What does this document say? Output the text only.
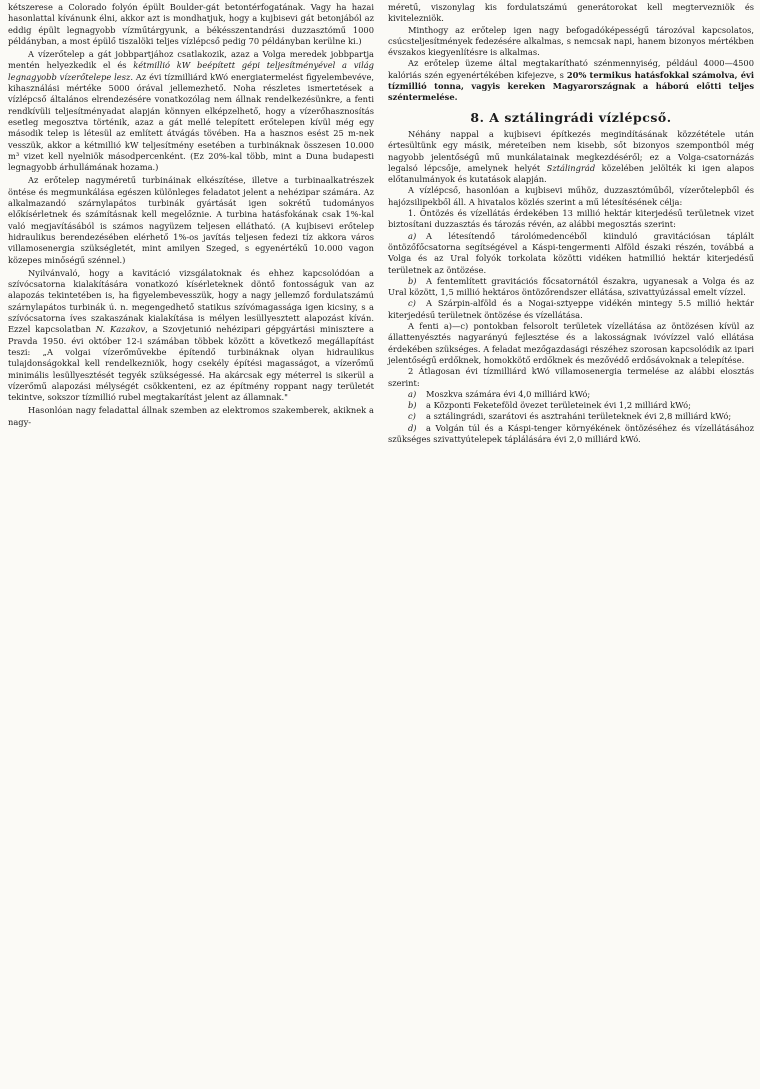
kétszerese a Colorado folyón épült Boulder-gát betontérfogatának. Vagy ha hazai hasonlattal kívánunk élni, akkor azt is mondhatjuk, hogy a kujbisevi gát betonjából az eddig épült legnagyobb vízműtárgyunk, a békésszentandrási duzzasztómű 1000 példányban, a most épülő tiszalöki teljes vízlépcső pedig 70 példányban kerülne ki.)

A vízerőtelep a gát jobbpartjához csatlakozik, azaz a Volga meredek jobbpartja mentén helyezkedik el és kétmillió kW beépített gépi teljesítményével a világ legnagyobb vízerőtelepe lesz. Az évi tízmilliárd kWó energiatermelést figyelembevéve, kihasználási mértéke 5000 órával jellemezhető. Noha részletes ismertetések a vízlépcső általános elrendezésére vonatkozólag nem állnak rendelkezésünkre, a fenti rendkívüli teljesítményadat alapján könnyen elképzelhető, hogy a vízerőhasznosítás esetleg megosztva történik, azaz a gát mellé telepített erőtelepen kívül még egy második telep is létesül az említett átvágás tövében. Ha a hasznos esést 25 m-nek vesszük, akkor a kétmillió kW teljesítmény esetében a turbináknak összesen 10.000 m³ vizet kell nyelniök másodpercenként. (Ez 20%-kal több, mint a Duna budapesti legnagyobb árhullámának hozama.)

Az erőtelep nagyméretű turbináinak elkészítése, illetve a turbinaalkatrészek öntése és megmunkálása egészen különleges feladatot jelent a nehézipar számára. Az alkalmazandó szárnylapátos turbinák gyártását igen sokrétű tudományos előkísérletnek és számításnak kell megelőznie. A turbina hatásfokának csak 1%-kal való megjavításából is számos nagyüzem teljesen ellátható. (A kujbisevi erőtelep hidraulikus berendezésében elérhető 1%-os javítás teljesen fedezi tíz akkora város villamosenergia szükségletét, mint amilyen Szeged, s egyenértékű 10.000 vagon közepes minőségű szénnel.)

Nyilvánvaló, hogy a kavitáció vizsgálatoknak és ehhez kapcsolódóan a szívócsatorna kialakítására vonatkozó kísérleteknek döntő fontosságuk van az alapozás tekintetében is, ha figyelembevesszük, hogy a nagy jellemző fordulatszámú szárnylapátos turbinák ú. n. megengedhető statikus szívómagassága igen kicsiny, s a szívócsatorna íves szakaszának kialakítása is mélyen lesüllyesztett alapozást kíván. Ezzel kapcsolatban N. Kazakov, a Szovjetunió nehézipari gépgyártási minisztere a Pravda 1950. évi október 12-i számában többek között a következő megállapítást teszi: „A volgai vízerőművekbe építendő turbináknak olyan hidraulikus tulajdonságokkal kell rendelkezniök, hogy csekély építési magasságot, a vízerőmű minimális lesüllyesztését tegyék szükségessé. Ha akárcsak egy méterrel is sikerül a vízerőmű alapozási mélységét csökkenteni, ez az építmény roppant nagy területét tekintve, sokszor tízmillió rubel megtakarítást jelent az államnak."

Hasonlóan nagy feladattal állnak szemben az elektromos szakemberek, akiknek a nagy-

méretű, viszonylag kis fordulatszámú generátorokat kell megtervezniök és kivitelezniök.

Minthogy az erőtelep igen nagy befogadóképességű tározóval kapcsolatos, csúcsteljesítmények fedezésére alkalmas, s nemcsak napi, hanem bizonyos mértékben évszakos kiegyenlítésre is alkalmas.

Az erőtelep üzeme által megtakarítható szénmennyiség, például 4000—4500 kalóriás szén egyenértékében kifejezve, s 20% termikus hatásfokkal számolva, évi tízmillió tonna, vagyis kereken Magyarországnak a háború előtti teljes széntermelése.

8. A sztálingrádi vízlépcső.

Néhány nappal a kujbisevi építkezés megindításának közzététele után értesültünk egy másik, méreteiben nem kisebb, sőt bizonyos szempontból még nagyobb jelentőségű mű munkálatainak megkezdéséről; ez a Volga-csatornázás legalsó lépcsője, amelynek helyét Sztálingrád közelében jelölték ki igen alapos előtanulmányok és kutatások alapján.

A vízlépcső, hasonlóan a kujbisevi műhöz, duzzasztóműből, vízerőtelepből és hajózsilipekből áll. A hivatalos közlés szerint a mű létesítésének célja:

1. Öntözés és vízellátás érdekében 13 millió hektár kiterjedésű területnek vizet biztosítani duzzasztás és tározás révén, az alábbi megosztás szerint:

a) A létesítendő tárolómedencéből kiinduló gravitációsan táplált öntözőfőcsatorna segítségével a Káspi-tengermenti Alföld északi részén, továbbá a Volga és az Ural folyók torkolata közötti vidéken hatmillió hektár kiterjedésű területnek az öntözése.

b) A fentemlített gravitációs főcsatornától északra, ugyanesak a Volga és az Ural között, 1,5 millió hektáros öntözőrendszer ellátása, szivattyúzással emelt vízzel.

c) A Szárpin-alföld és a Nogai-sztyeppe vidékén mintegy 5.5 millió hektár kiterjedésű területnek öntözése és vízellátása.

A fenti a)—c) pontokban felsorolt területek vízellátása az öntözésen kívül az állattenyésztés nagyarányú fejlesztése és a lakosságnak ivóvízzel való ellátása érdekében szükséges. A feladat mezőgazdasági részéhez szorosan kapcsolódik az ipari jelentőségű erdőknek, homokkötő erdőknek és mezővédő erdősávoknak a telepítése.

2 Átlagosan évi tízmilliárd kWó villamosenergia termelése az alábbi elosztás szerint:

a) Moszkva számára évi 4,0 milliárd kWó;

b) a Központi Feketeföld övezet területeinek évi 1,2 milliárd kWó;

c) a sztálingrádi, szarátovi és asztraháni területeknek évi 2,8 milliárd kWó;

d) a Volgán túl és a Káspi-tenger környékének öntözéséhez és vízellátásához szükséges szivattyútelepek táplálására évi 2,0 milliárd kWó.
